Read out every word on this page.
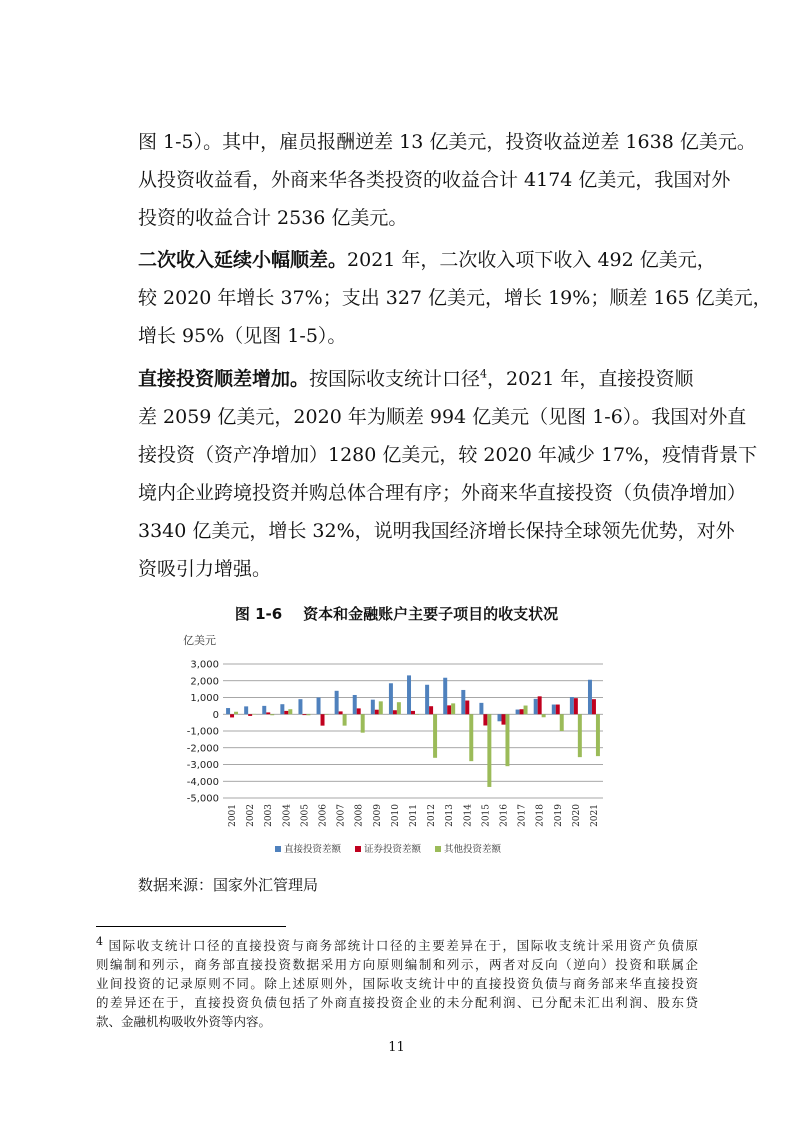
图 1-5）。其中，雇员报酬逆差 13 亿美元，投资收益逆差 1638 亿美元。
从投资收益看，外商来华各类投资的收益合计 4174 亿美元，我国对外
投资的收益合计 2536 亿美元。
二次收入延续小幅顺差。2021 年，二次收入项下收入 492 亿美元，
较 2020 年增长 37%；支出 327 亿美元，增长 19%；顺差 165 亿美元，
增长 95%（见图 1-5）。
直接投资顺差增加。按国际收支统计口径$^4$，2021 年，直接投资顺
差 2059 亿美元，2020 年为顺差 994 亿美元（见图 1-6）。我国对外直
接投资（资产净增加）1280 亿美元，较 2020 年减少 17%，疫情背景下
境内企业跨境投资并购总体合理有序；外商来华直接投资（负债净增加）
3340 亿美元，增长 32%，说明我国经济增长保持全球领先优势，对外
资吸引力增强。
图 1-6    资本和金融账户主要子项目的收支状况
亿美元
3,000
2,000
1,000
0
-1,000
-2,000
-3,000
-4,000
-5,000
2001 2002 2003 2004 2005 2006 2007 2008 2009 2010 2011 2012 2013 2014 2015 2016 2017 2018 2019 2020 2021
直接投资差额 证券投资差额 其他投资差额
数据来源：国家外汇管理局
$^4$ 国际收支统计口径的直接投资与商务部统计口径的主要差异在于，国际收支统计采用资产负债原
则编制和列示，商务部直接投资数据采用方向原则编制和列示，两者对反向（逆向）投资和联属企
业间投资的记录原则不同。除上述原则外，国际收支统计中的直接投资负债与商务部来华直接投资
的差异还在于，直接投资负债包括了外商直接投资企业的未分配利润、已分配未汇出利润、股东贷
款、金融机构吸收外资等内容。
11
